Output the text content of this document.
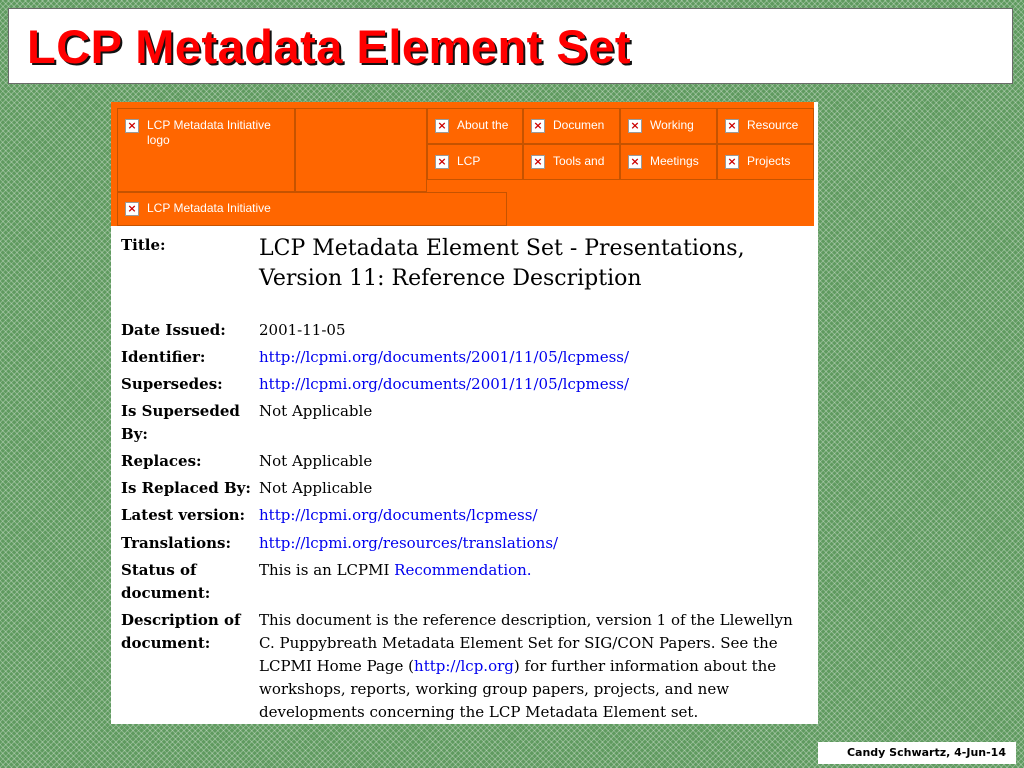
LCP Metadata Element Set
× LCP Metadata Initiative logo
× About the × Documen × Working	× Resource
× LCP	× Tools and × Meetings	× Projects
× LCP Metadata Initiative
Title:	LCP Metadata Element Set - Presentations, Version 11: Reference Description
Date Issued:	2001-11-05
Identifier:	http://lcpmi.org/documents/2001/11/05/lcpmess/
Supersedes:	http://lcpmi.org/documents/2001/11/05/lcpmess/
Is Superseded By:
Not Applicable
Replaces:	Not Applicable
Is Replaced By: Not Applicable
Latest version: http://lcpmi.org/documents/lcpmess/
Translations:	http://lcpmi.org/resources/translations/
Status of document:
This is an LCPMI Recommendation.
Description of document:
This document is the reference description, version 1 of the Llewellyn C. Puppybreath Metadata Element Set for SIG/CON Papers. See the LCPMI Home Page (http://lcp.org) for further information about the workshops, reports, working group papers, projects, and new developments concerning the LCP Metadata Element set.
Candy Schwartz, 4-Jun-14
